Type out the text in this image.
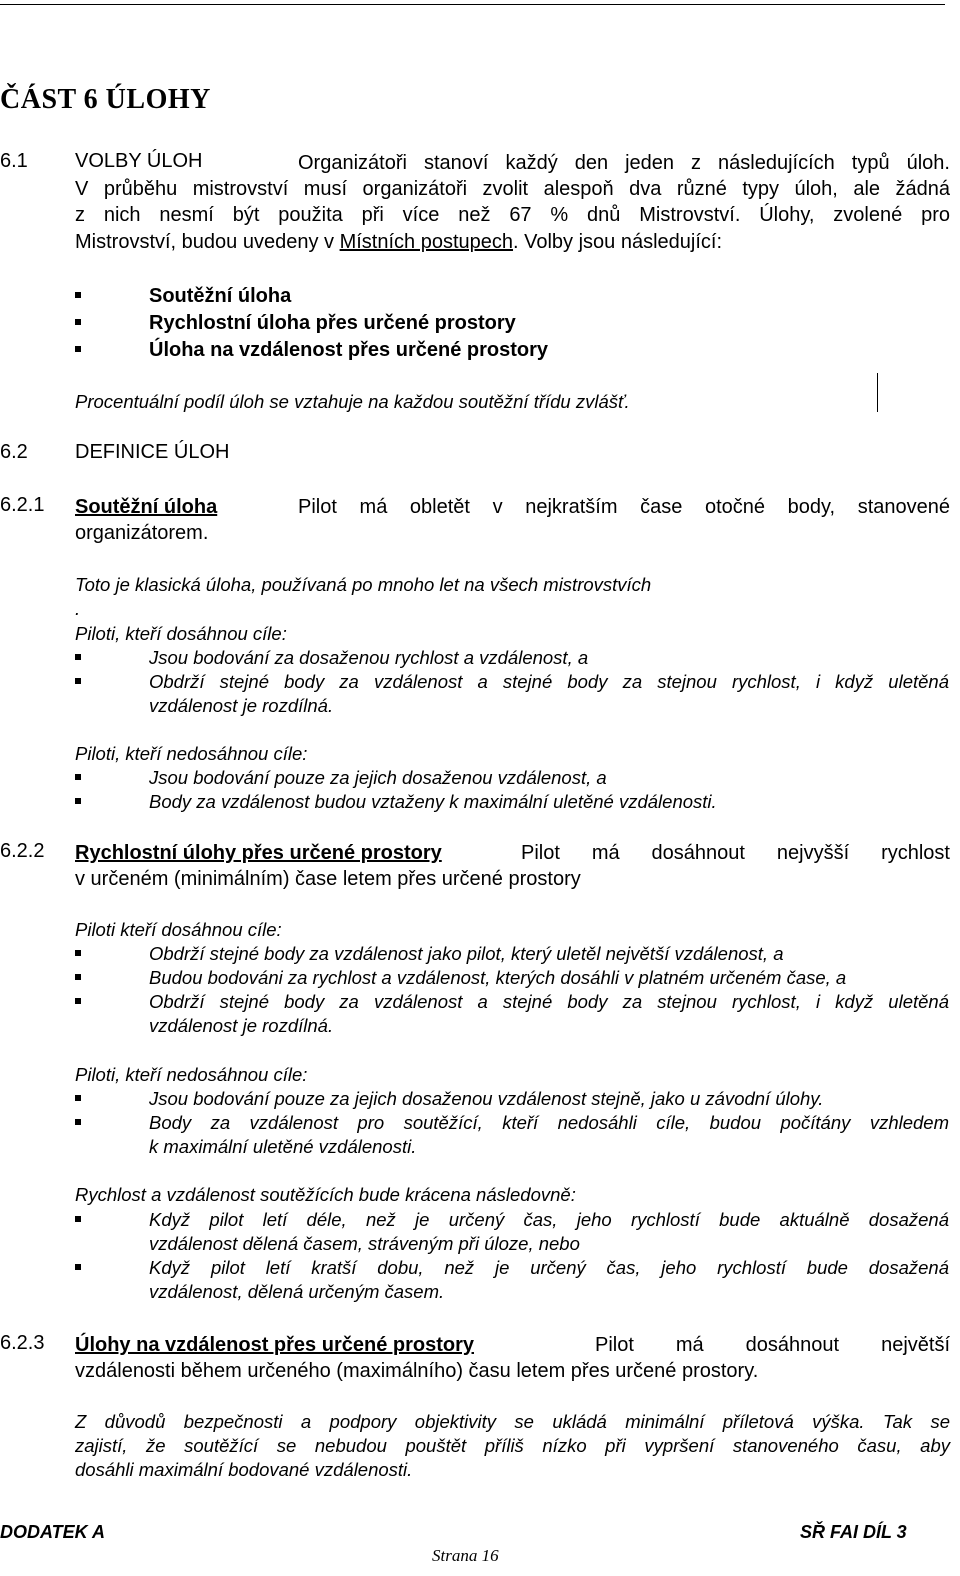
ČÁST 6 ÚLOHY
6.1 VOLBY ÚLOH	Organizátoři stanoví každý den jeden z následujících typů úloh.
V průběhu mistrovství musí organizátoři zvolit alespoň dva různé typy úloh, ale žádná
z nich nesmí být použita při více než 67 % dnů Mistrovství. Úlohy, zvolené pro
Mistrovství, budou uvedeny v Místních postupech. Volby jsou následující:
Soutěžní úloha
Rychlostní úloha přes určené prostory
Úloha na vzdálenost přes určené prostory
Procentuální podíl úloh se vztahuje na každou soutěžní třídu zvlášť.
6.2 DEFINICE ÚLOH
6.2.1 Soutěžní úloha	Pilot má obletět v nejkratším čase otočné body, stanovené
organizátorem.
Toto je klasická úloha, používaná po mnoho let na všech mistrovstvích
.
Piloti, kteří dosáhnou cíle:
Jsou bodování za dosaženou rychlost a vzdálenost, a
Obdrží stejné body za vzdálenost a stejné body za stejnou rychlost, i když uletěná
vzdálenost je rozdílná.
Piloti, kteří nedosáhnou cíle:
Jsou bodování pouze za jejich dosaženou vzdálenost, a
Body za vzdálenost budou vztaženy k maximální uletěné vzdálenosti.
6.2.2 Rychlostní úlohy přes určené prostory	Pilot má dosáhnout nejvyšší rychlost
v určeném (minimálním) čase letem přes určené prostory
Piloti kteří dosáhnou cíle:
Obdrží stejné body za vzdálenost jako pilot, který uletěl největší vzdálenost, a
Budou bodováni za rychlost a vzdálenost, kterých dosáhli v platném určeném čase, a
Obdrží stejné body za vzdálenost a stejné body za stejnou rychlost, i když uletěná
vzdálenost je rozdílná.
Piloti, kteří nedosáhnou cíle:
Jsou bodování pouze za jejich dosaženou vzdálenost stejně, jako u závodní úlohy.
Body za vzdálenost pro soutěžící, kteří nedosáhli cíle, budou počítány vzhledem
k maximální uletěné vzdálenosti.
Rychlost a vzdálenost soutěžících bude krácena následovně:
Když pilot letí déle, než je určený čas, jeho rychlostí bude aktuálně dosažená
vzdálenost dělená časem, stráveným při úloze, nebo
Když pilot letí kratší dobu, než je určený čas, jeho rychlostí bude dosažená
vzdálenost, dělená určeným časem.
6.2.3 Úlohy na vzdálenost přes určené prostory	Pilot má dosáhnout největší
vzdálenosti během určeného (maximálního) času letem přes určené prostory.
Z důvodů bezpečnosti a podpory objektivity se ukládá minimální příletová výška. Tak se
zajistí, že soutěžící se nebudou pouštět příliš nízko při vypršení stanoveného času, aby
dosáhli maximální bodované vzdálenosti.
DODATEK A	SŘ FAI DÍL 3
Strana 16
